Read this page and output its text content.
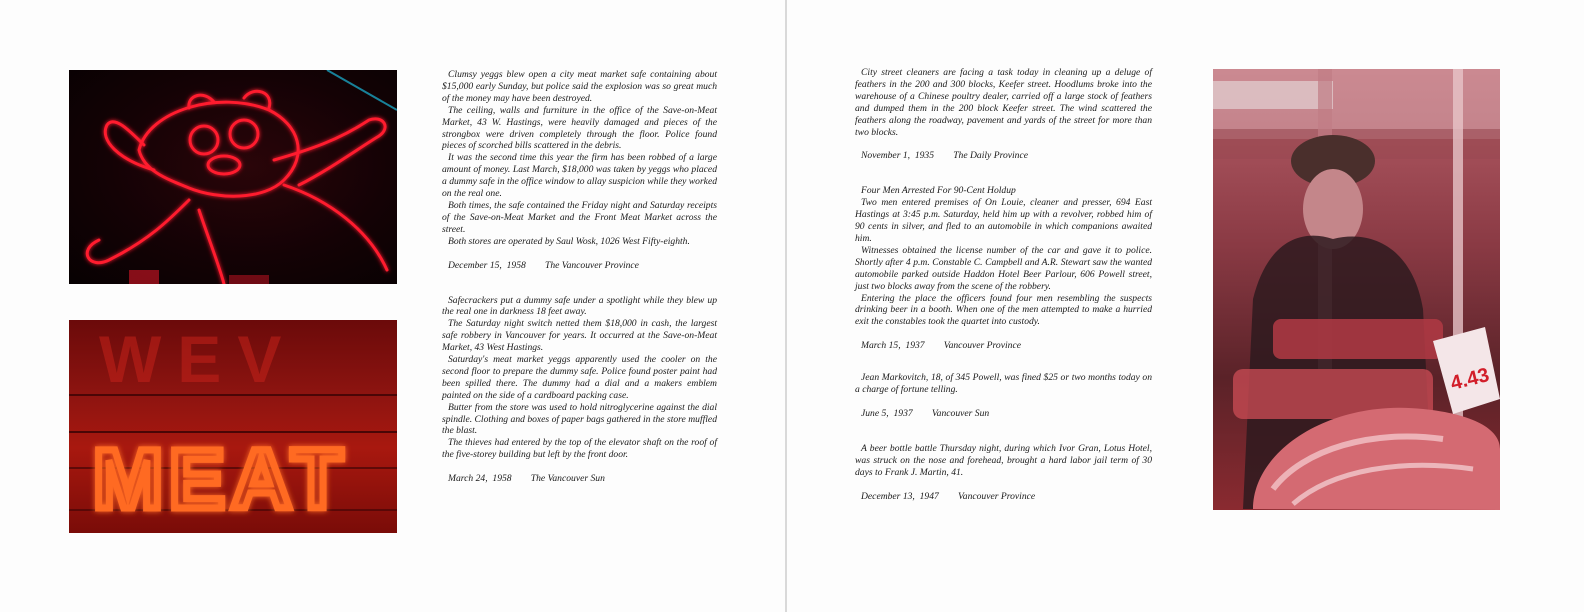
WEV
MEAT
4.43

Clumsy yeggs blew open a city meat market safe containing about $15,000 early Sunday, but police said the explosion was so great much of the money may have been destroyed.

The ceiling, walls and furniture in the office of the Save-on-Meat Market, 43 W. Hastings, were heavily damaged and pieces of the strongbox were driven completely through the floor. Police found pieces of scorched bills scattered in the debris.

It was the second time this year the firm has been robbed of a large amount of money. Last March, $18,000 was taken by yeggs who placed a dummy safe in the office window to allay suspicion while they worked on the real one.

Both times, the safe contained the Friday night and Saturday receipts of the Save-on-Meat Market and the Front Meat Market across the street.

Both stores are operated by Saul Wosk, 1026 West Fifty-eighth.

December 15,  1958 The Vancouver Province

Safecrackers put a dummy safe under a spotlight while they blew up the real one in darkness 18 feet away.

The Saturday night switch netted them $18,000 in cash, the largest safe robbery in Vancouver for years. It occurred at the Save-on-Meat Market, 43 West Hastings.

Saturday's meat market yeggs apparently used the cooler on the second floor to prepare the dummy safe. Police found poster paint had been spilled there. The dummy had a dial and a makers emblem painted on the side of a cardboard packing case.

Butter from the store was used to hold nitroglycerine against the dial spindle. Clothing and boxes of paper bags gathered in the store muffled the blast.

The thieves had entered by the top of the elevator shaft on the roof of the five-storey building but left by the front door.

March 24,  1958 The Vancouver Sun

City street cleaners are facing a task today in cleaning up a deluge of feathers in the 200 and 300 blocks, Keefer street. Hoodlums broke into the warehouse of a Chinese poultry dealer, carried off a large stock of feathers and dumped them in the 200 block Keefer street. The wind scattered the feathers along the roadway, pavement and yards of the street for more than two blocks.

November 1,  1935 The Daily Province
Four Men Arrested For 90-Cent Holdup

Two men entered premises of On Louie, cleaner and presser, 694 East Hastings at 3:45 p.m. Saturday, held him up with a revolver, robbed him of 90 cents in silver, and fled to an automobile in which companions awaited him.

Witnesses obtained the license number of the car and gave it to police. Shortly after 4 p.m. Constable C. Campbell and A.R. Stewart saw the wanted automobile parked outside Haddon Hotel Beer Parlour, 606 Powell street, just two blocks away from the scene of the robbery.

Entering the place the officers found four men resembling the suspects drinking beer in a booth. When one of the men attempted to make a hurried exit the constables took the quartet into custody.

March 15,  1937 Vancouver Province

Jean Markovitch, 18, of 345 Powell, was fined $25 or two months today on a charge of fortune telling.

June 5,  1937 Vancouver Sun

A beer bottle battle Thursday night, during which Ivor Gran, Lotus Hotel, was struck on the nose and forehead, brought a hard labor jail term of 30 days to Frank J. Martin, 41.

December 13,  1947 Vancouver Province
